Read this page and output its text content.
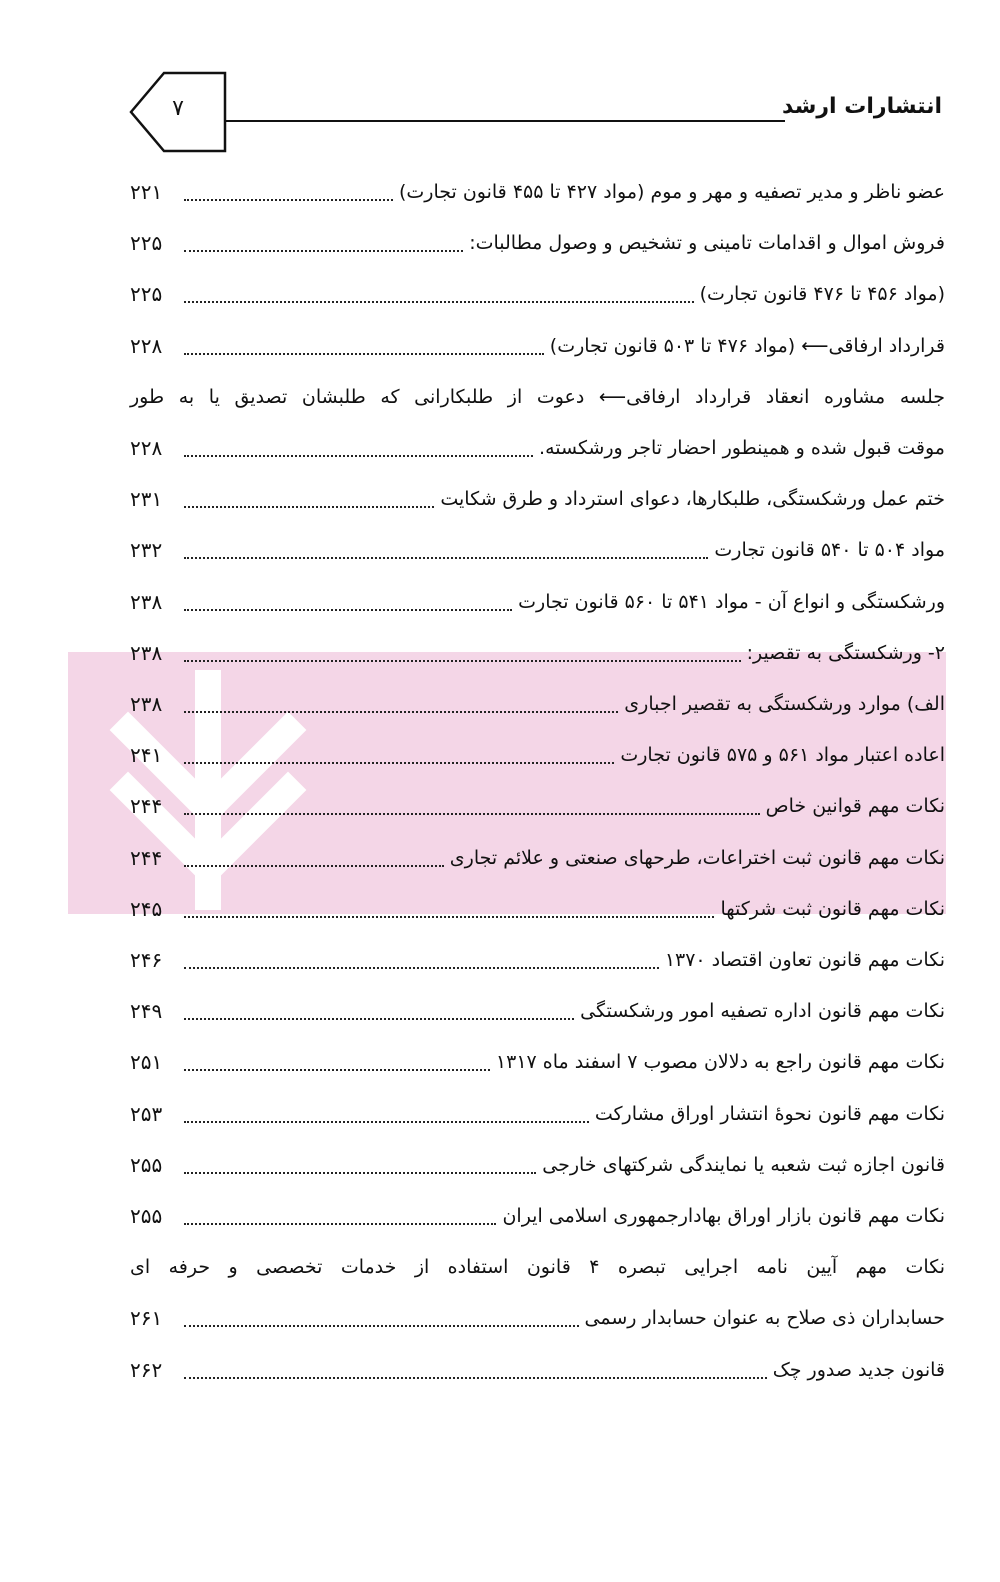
انتشارات ارشد
۷
عضو ناظر و مدیر تصفیه و مهر و موم (مواد ۴۲۷ تا ۴۵۵ قانون تجارت)
۲۲۱
فروش اموال و اقدامات تامینی و تشخیص و وصول مطالبات:
۲۲۵
(مواد ۴۵۶ تا ۴۷۶ قانون تجارت)
۲۲۵
قرارداد ارفاقی⟵ (مواد ۴۷۶ تا ۵۰۳ قانون تجارت)
۲۲۸
جلسه مشاوره انعقاد قرارداد ارفاقی⟵ دعوت از طلبکارانی که طلبشان تصدیق یا به طور
موقت قبول شده و همینطور احضار تاجر ورشکسته.
۲۲۸
ختم عمل ورشکستگی، طلبکارها، دعوای استرداد و طرق شکایت
۲۳۱
مواد ۵۰۴ تا ۵۴۰ قانون تجارت
۲۳۲
ورشکستگی و انواع آن - مواد ۵۴۱ تا ۵۶۰ قانون تجارت
۲۳۸
۲- ورشکستگی به تقصیر:
۲۳۸
الف) موارد ورشکستگی به تقصیر اجباری
۲۳۸
اعاده اعتبار مواد ۵۶۱ و ۵۷۵ قانون تجارت
۲۴۱
نکات مهم قوانین خاص
۲۴۴
نکات مهم قانون ثبت اختراعات، طرحهای صنعتی و علائم تجاری
۲۴۴
نکات مهم قانون ثبت شرکتها
۲۴۵
نکات مهم قانون تعاون اقتصاد ۱۳۷۰
۲۴۶
نکات مهم قانون اداره تصفیه امور ورشکستگی
۲۴۹
نکات مهم قانون راجع به دلالان مصوب ۷ اسفند ماه ۱۳۱۷
۲۵۱
نکات مهم قانون نحوهٔ انتشار اوراق مشارکت
۲۵۳
قانون اجازه ثبت شعبه یا نمایندگی شرکتهای خارجی
۲۵۵
نکات مهم قانون بازار اوراق بهادارجمهوری اسلامی ایران
۲۵۵
نکات مهم آیین نامه اجرایی تبصره ۴ قانون استفاده از خدمات تخصصی و حرفه ای
حسابداران ذی صلاح به عنوان حسابدار رسمی
۲۶۱
قانون جدید صدور چک
۲۶۲
